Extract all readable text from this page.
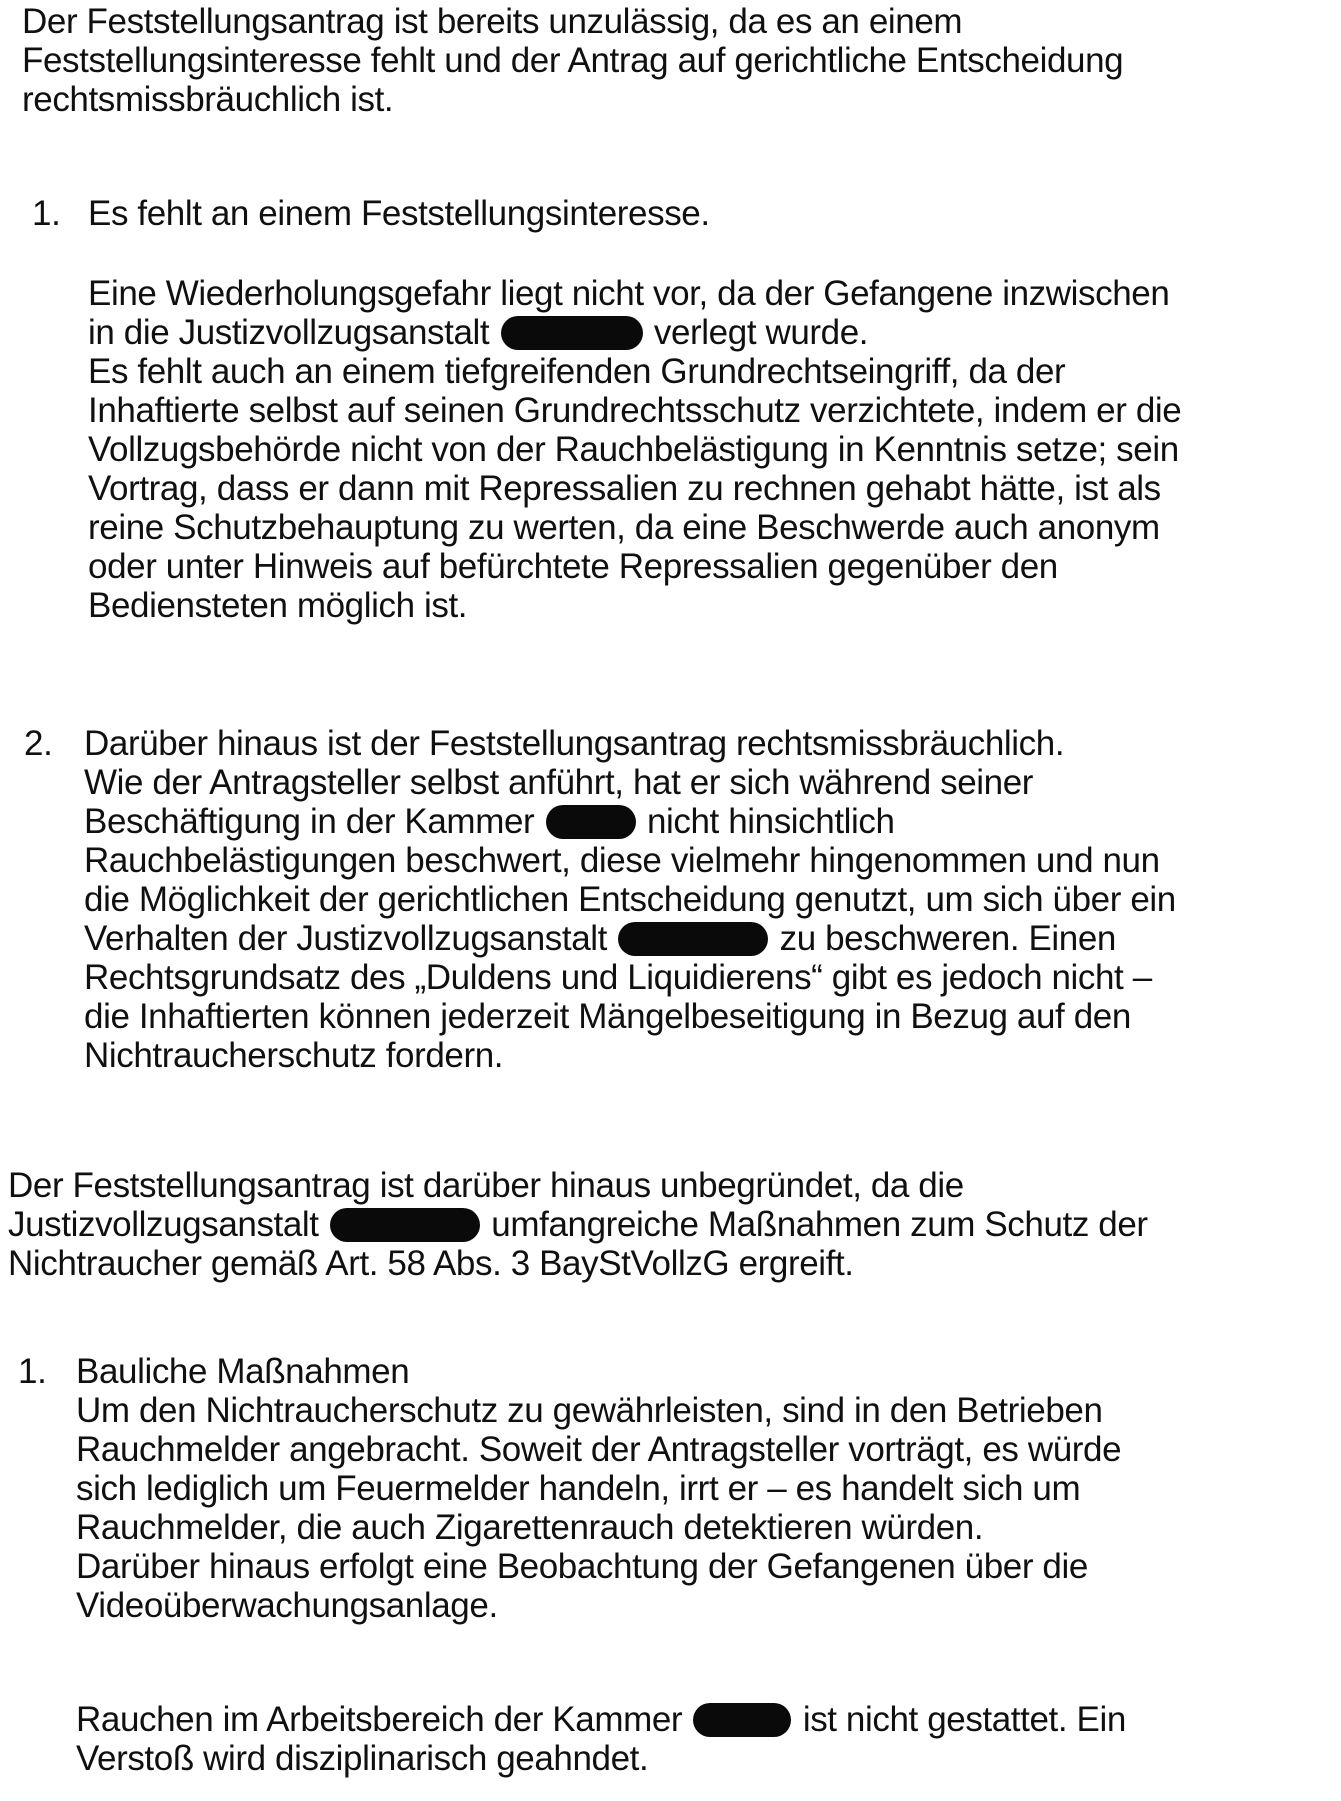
Der Feststellungsantrag ist bereits unzulässig, da es an einem
Feststellungsinteresse fehlt und der Antrag auf gerichtliche Entscheidung
rechtsmissbräuchlich ist.
1. Es fehlt an einem Feststellungsinteresse.
Eine Wiederholungsgefahr liegt nicht vor, da der Gefangene inzwischen
in die Justizvollzugsanstalt	verlegt wurde.
Es fehlt auch an einem tiefgreifenden Grundrechtseingriff, da der
Inhaftierte selbst auf seinen Grundrechtsschutz verzichtete, indem er die
Vollzugsbehörde nicht von der Rauchbelästigung in Kenntnis setze; sein
Vortrag, dass er dann mit Repressalien zu rechnen gehabt hätte, ist als
reine Schutzbehauptung zu werten, da eine Beschwerde auch anonym
oder unter Hinweis auf befürchtete Repressalien gegenüber den
Bediensteten möglich ist.
2. Darüber hinaus ist der Feststellungsantrag rechtsmissbräuchlich.
Wie der Antragsteller selbst anführt, hat er sich während seiner
Beschäftigung in der Kammer	nicht hinsichtlich
Rauchbelästigungen beschwert, diese vielmehr hingenommen und nun
die Möglichkeit der gerichtlichen Entscheidung genutzt, um sich über ein
Verhalten der Justizvollzugsanstalt	zu beschweren. Einen
Rechtsgrundsatz des „Duldens und Liquidierens“ gibt es jedoch nicht –
die Inhaftierten können jederzeit Mängelbeseitigung in Bezug auf den
Nichtraucherschutz fordern.
Der Feststellungsantrag ist darüber hinaus unbegründet, da die
Justizvollzugsanstalt	umfangreiche Maßnahmen zum Schutz der
Nichtraucher gemäß Art. 58 Abs. 3 BayStVollzG ergreift.
1. Bauliche Maßnahmen
Um den Nichtraucherschutz zu gewährleisten, sind in den Betrieben
Rauchmelder angebracht. Soweit der Antragsteller vorträgt, es würde
sich lediglich um Feuermelder handeln, irrt er – es handelt sich um
Rauchmelder, die auch Zigarettenrauch detektieren würden.
Darüber hinaus erfolgt eine Beobachtung der Gefangenen über die
Videoüberwachungsanlage.
Rauchen im Arbeitsbereich der Kammer	ist nicht gestattet. Ein
Verstoß wird disziplinarisch geahndet.
